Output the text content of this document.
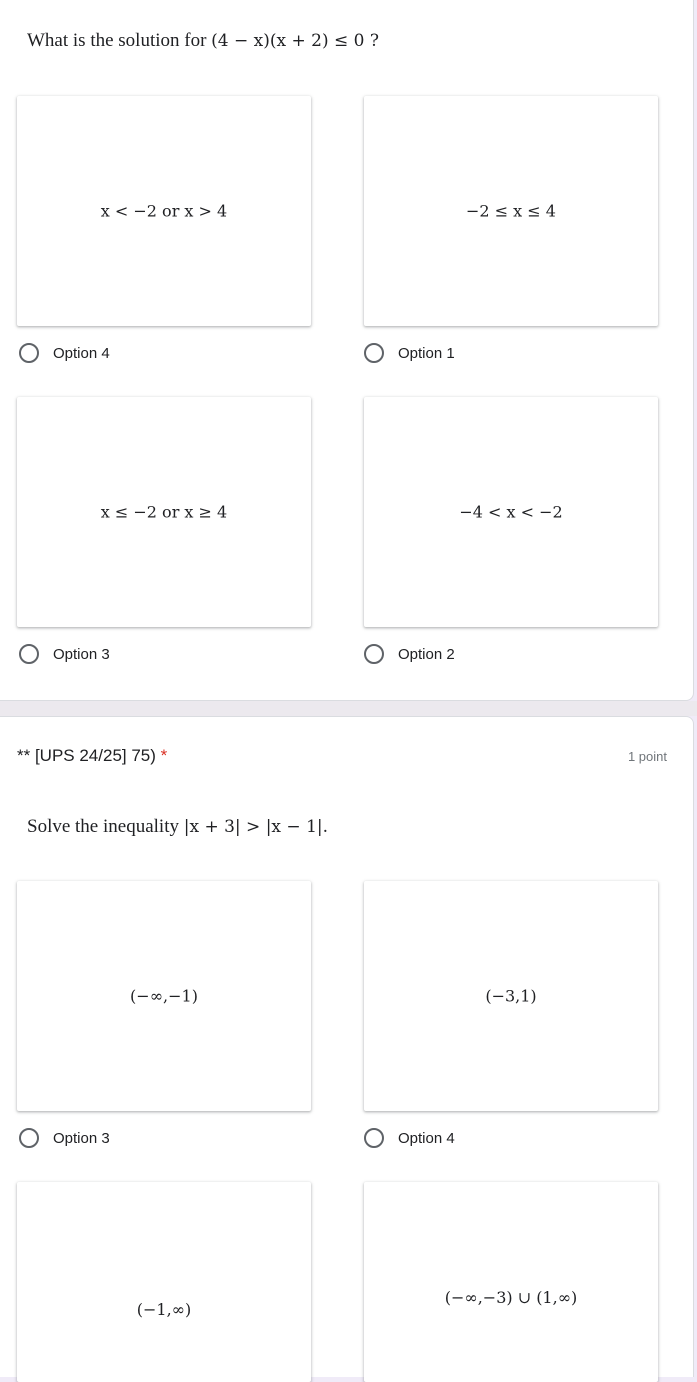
What is the solution for (4 − x)(x + 2) ≤ 0 ?
x < −2 or x > 4	−2 ≤ x ≤ 4
Option 4	Option 1
x ≤ −2 or x ≥ 4	−4 < x < −2
Option 3	Option 2
** [UPS 24/25] 75) *	1 point
Solve the inequality |x + 3| > |x − 1|.
(−∞,−1)	(−3,1)
Option 3	Option 4
(−1,∞)
(−∞,−3) ∪ (1,∞)
